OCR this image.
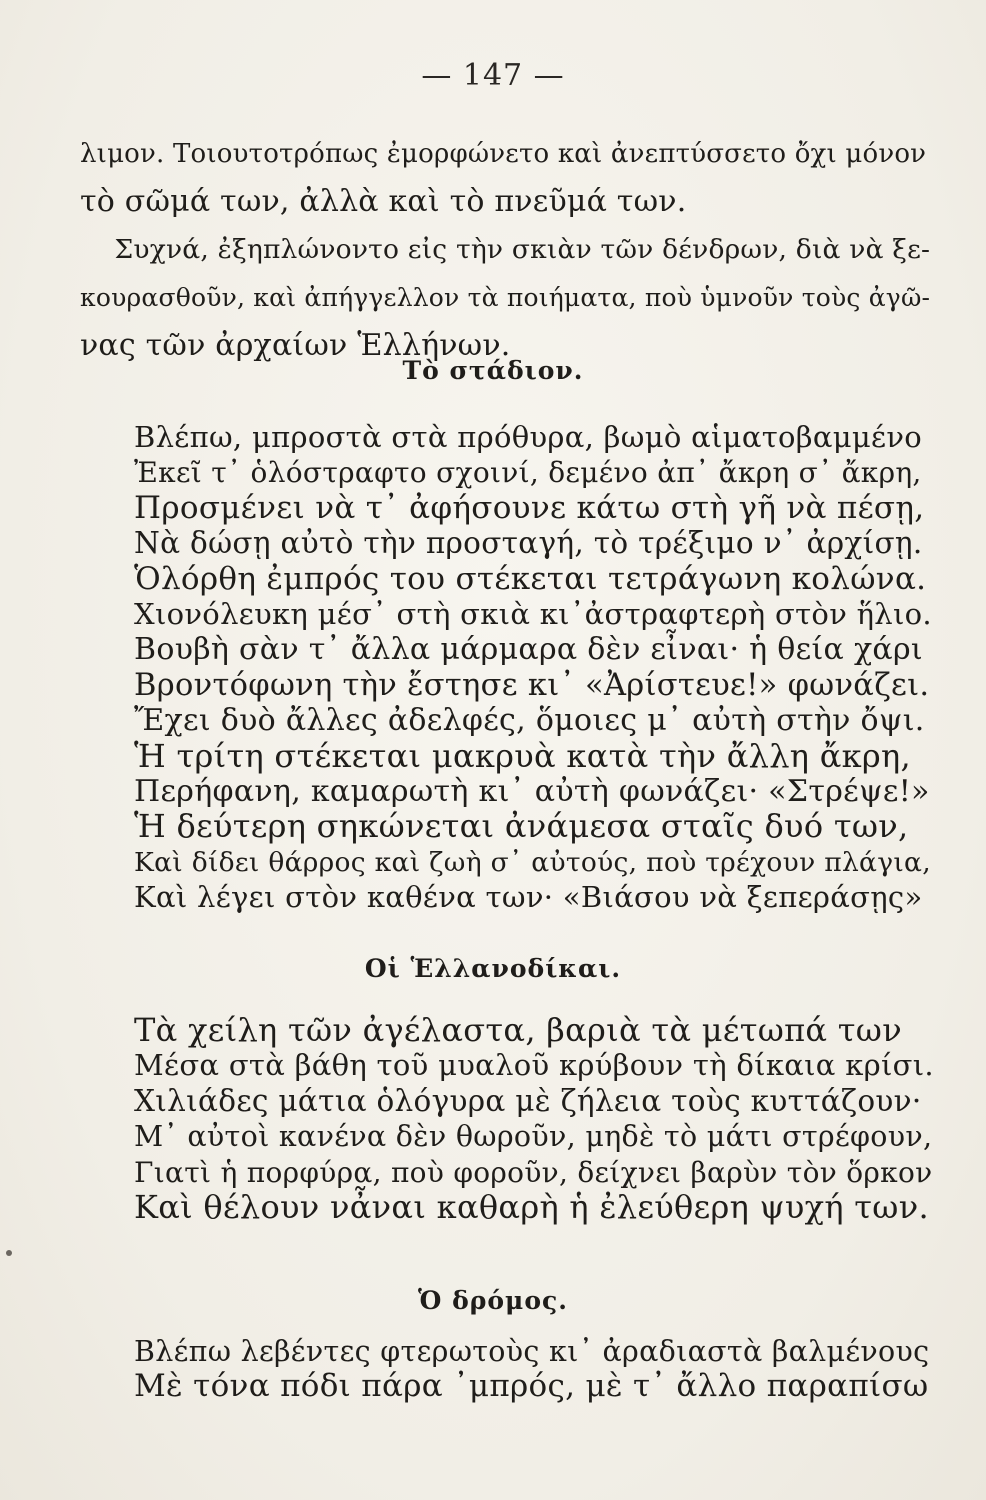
— 147 —
λιμον. Τοιουτοτρόπως ἐμορφώνετο καὶ ἀνεπτύσσετο ὄχι μόνον
τὸ σῶμά των, ἀλλὰ καὶ τὸ πνεῦμά των.
Συχνά, ἐξηπλώνοντο εἰς τὴν σκιὰν τῶν δένδρων, διὰ νὰ ξε-
κουρασθοῦν, καὶ ἀπήγγελλον τὰ ποιήματα, ποὺ ὑμνοῦν τοὺς ἀγῶ-
νας τῶν ἀρχαίων Ἑλλήνων.
Τὸ στάδιον.
Βλέπω, μπροστὰ στὰ πρόθυρα, βωμὸ αἱματοβαμμένο
Ἐκεῖ τ᾽ ὁλόστραφτο σχοινί, δεμένο ἀπ᾽ ἄκρη σ᾽ ἄκρη,
Προσμένει νὰ τ᾽ ἀφήσουνε κάτω στὴ γῆ νὰ πέσῃ,
Νὰ δώσῃ αὐτὸ τὴν προσταγή, τὸ τρέξιμο ν᾽ ἀρχίσῃ.
Ὁλόρθη ἐμπρός του στέκεται τετράγωνη κολώνα.
Χιονόλευκη μέσ᾽ στὴ σκιὰ κι᾽ἀστραφτερὴ στὸν ἥλιο.
Βουβὴ σὰν τ᾽ ἄλλα μάρμαρα δὲν εἶναι· ἡ θεία χάρι
Βροντόφωνη τὴν ἔστησε κι᾽ «Ἀρίστευε!» φωνάζει.
Ἔχει δυὸ ἄλλες ἀδελφές, ὅμοιες μ᾽ αὐτὴ στὴν ὄψι.
Ἡ τρίτη στέκεται μακρυὰ κατὰ τὴν ἄλλη ἄκρη,
Περήφανη, καμαρωτὴ κι᾽ αὐτὴ φωνάζει· «Στρέψε!»
Ἡ δεύτερη σηκώνεται ἀνάμεσα σταῖς δυό των,
Καὶ δίδει θάρρος καὶ ζωὴ σ᾽ αὐτούς, ποὺ τρέχουν πλάγια,
Καὶ λέγει στὸν καθένα των· «Βιάσου νὰ ξεπεράσῃς»
Οἱ Ἑλλανοδίκαι.
Τὰ χείλη τῶν ἀγέλαστα, βαριὰ τὰ μέτωπά των
Μέσα στὰ βάθη τοῦ μυαλοῦ κρύβουν τὴ δίκαια κρίσι.
Χιλιάδες μάτια ὁλόγυρα μὲ ζήλεια τοὺς κυττάζουν·
Μ᾽ αὐτοὶ κανένα δὲν θωροῦν, μηδὲ τὸ μάτι στρέφουν,
Γιατὶ ἡ πορφύρα, ποὺ φοροῦν, δείχνει βαρὺν τὸν ὅρκον
Καὶ θέλουν νἆναι καθαρὴ ἡ ἐλεύθερη ψυχή των.
Ὁ δρόμος.
Βλέπω λεβέντες φτερωτοὺς κι᾽ ἀραδιαστὰ βαλμένους
Μὲ τόνα πόδι πάρα ᾽μπρός, μὲ τ᾽ ἄλλο παραπίσω
